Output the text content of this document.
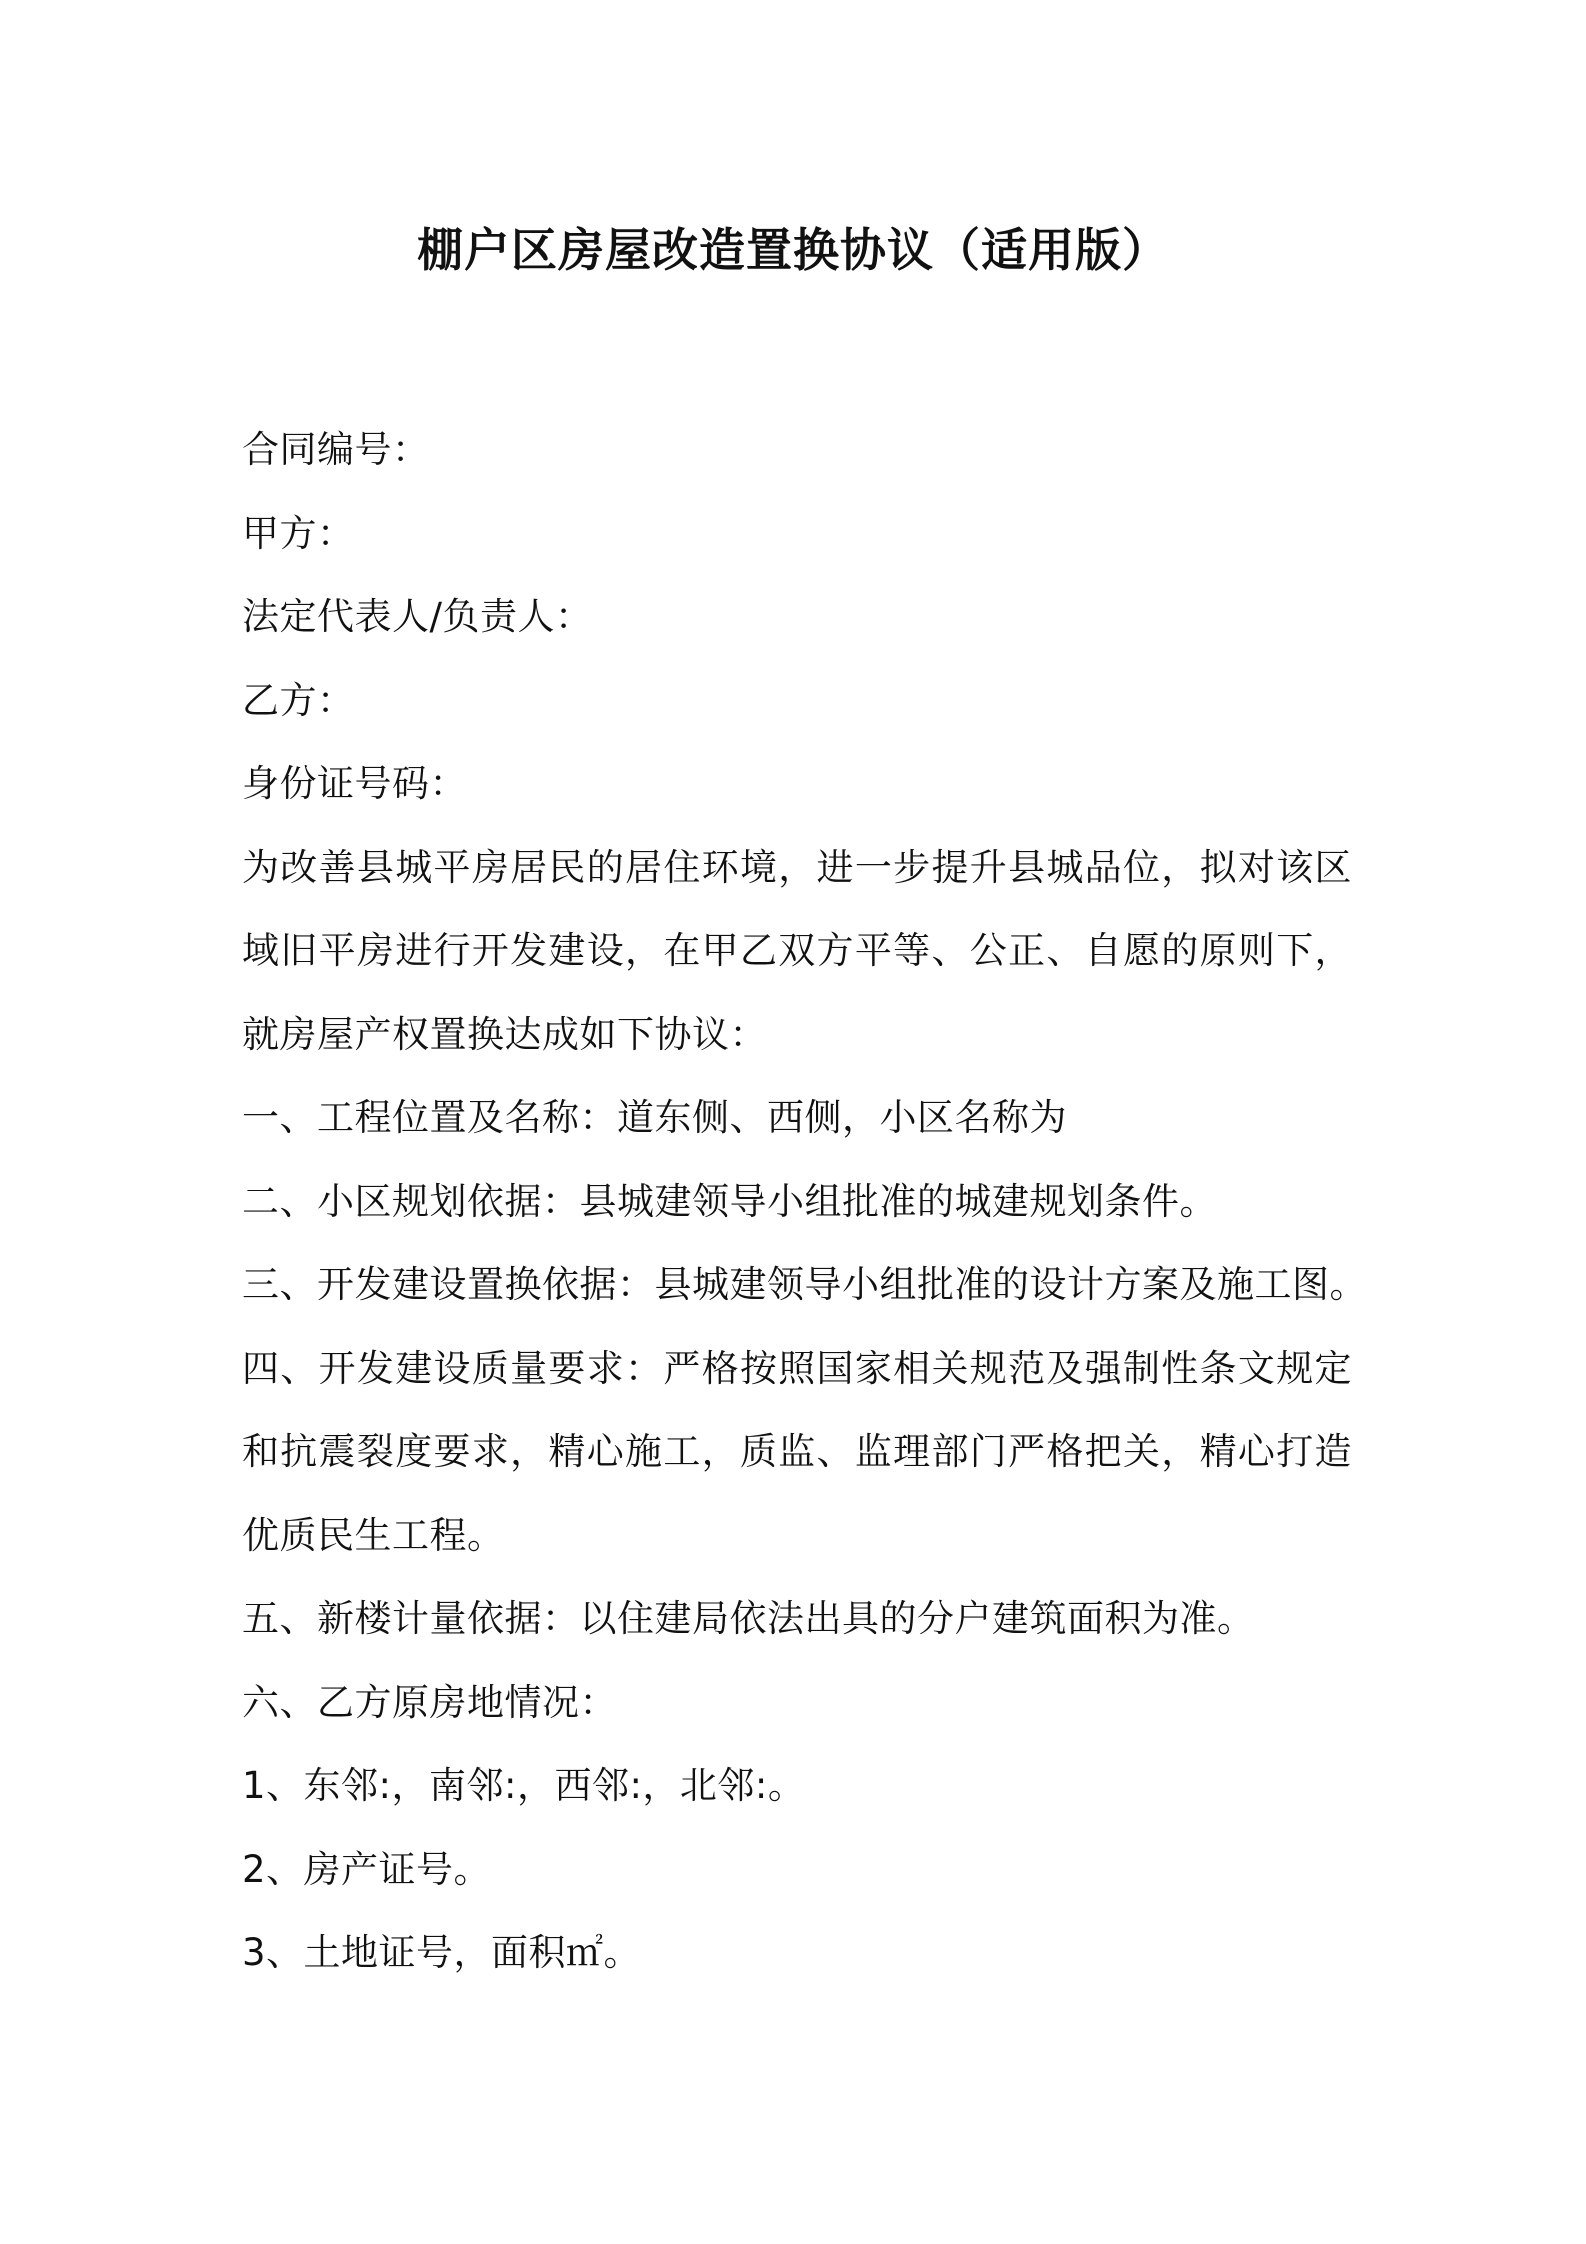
棚户区房屋改造置换协议（适用版）
合同编号：
甲方：
法定代表人/负责人：
乙方：
身份证号码：
为改善县城平房居民的居住环境，进一步提升县城品位，拟对该区域旧平房进行开发建设，在甲乙双方平等、公正、自愿的原则下，就房屋产权置换达成如下协议：
一、工程位置及名称：道东侧、西侧，小区名称为
二、小区规划依据：县城建领导小组批准的城建规划条件。
三、开发建设置换依据：县城建领导小组批准的设计方案及施工图。
四、开发建设质量要求：严格按照国家相关规范及强制性条文规定和抗震裂度要求，精心施工，质监、监理部门严格把关，精心打造优质民生工程。
五、新楼计量依据：以住建局依法出具的分户建筑面积为准。
六、乙方原房地情况：
1、东邻:，南邻:，西邻:，北邻:。
2、房产证号。
3、土地证号，面积㎡。
